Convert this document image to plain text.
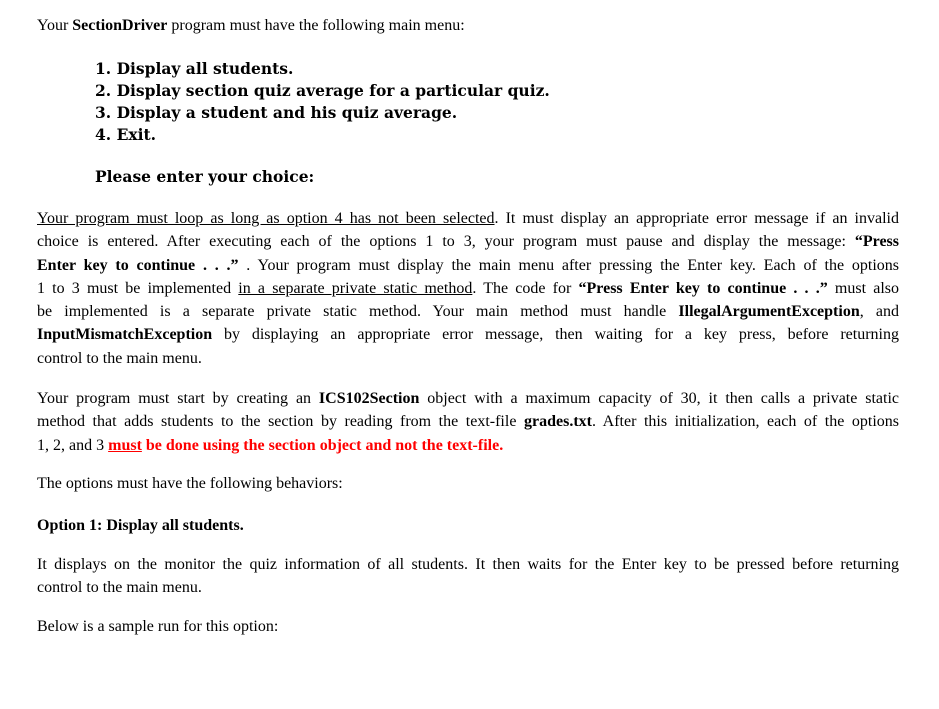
Your SectionDriver program must have the following main menu:
1. Display all students.
2. Display section quiz average for a particular quiz.
3. Display a student and his quiz average.
4. Exit.
Please enter your choice:
Your program must loop as long as option 4 has not been selected. It must display an appropriate error message if an invalid
choice is entered. After executing each of the options 1 to 3, your program must pause and display the message: “Press
Enter key to continue . . .” . Your program must display the main menu after pressing the Enter key. Each of the options
1 to 3 must be implemented in a separate private static method. The code for “Press Enter key to continue . . .” must also
be implemented is a separate private static method. Your main method must handle IllegalArgumentException, and
InputMismatchException by displaying an appropriate error message, then waiting for a key press, before returning
control to the main menu.
Your program must start by creating an ICS102Section object with a maximum capacity of 30, it then calls a private static
method that adds students to the section by reading from the text-file grades.txt. After this initialization, each of the options
1, 2, and 3 must be done using the section object and not the text-file.
The options must have the following behaviors:
Option 1: Display all students.
It displays on the monitor the quiz information of all students. It then waits for the Enter key to be pressed before returning
control to the main menu.
Below is a sample run for this option:
